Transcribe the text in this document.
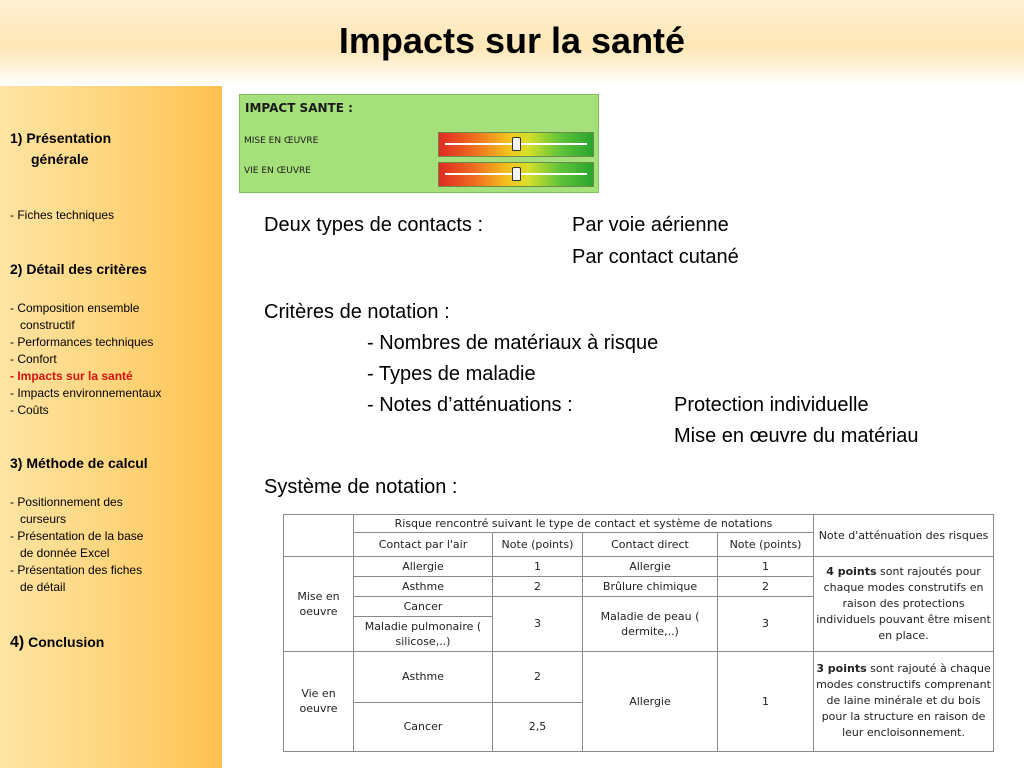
Impacts sur la santé
1) Présentation
générale
- Fiches techniques
2) Détail des critères
- Composition ensemble
constructif
- Performances techniques
- Confort
- Impacts sur la santé
- Impacts environnementaux
- Coûts
3) Méthode de calcul
- Positionnement des
curseurs
- Présentation de la base
de donnée Excel
- Présentation des fiches
de détail
4) Conclusion
IMPACT SANTE :
MISE EN ŒUVRE
VIE EN ŒUVRE
Deux types de contacts :	Par voie aérienne
Par contact cutané
Critères de notation :
- Nombres de matériaux à risque
- Types de maladie
- Notes d’atténuations :	Protection individuelle
Mise en œuvre du matériau
Système de notation :
	Risque rencontré suivant le type de contact et système de notations				Note d'atténuation des risques
	Contact par l'air	Note (points)	Contact direct	Note (points)	
Mise en oeuvre	Allergie	1	Allergie	1	4 points sont rajoutés pour chaque modes construtifs en raison des protections individuels pouvant être misent en place.
	Asthme	2	Brûlure chimique	2	
	Cancer	3	Maladie de peau ( dermite,..)	3	
	Maladie pulmonaire ( silicose,..)				
Vie en oeuvre	Asthme	2	Allergie	1	3 points sont rajouté à chaque modes constructifs comprenant de laine minérale et du bois pour la structure en raison de leur encloisonnement.
	Cancer	2,5			
